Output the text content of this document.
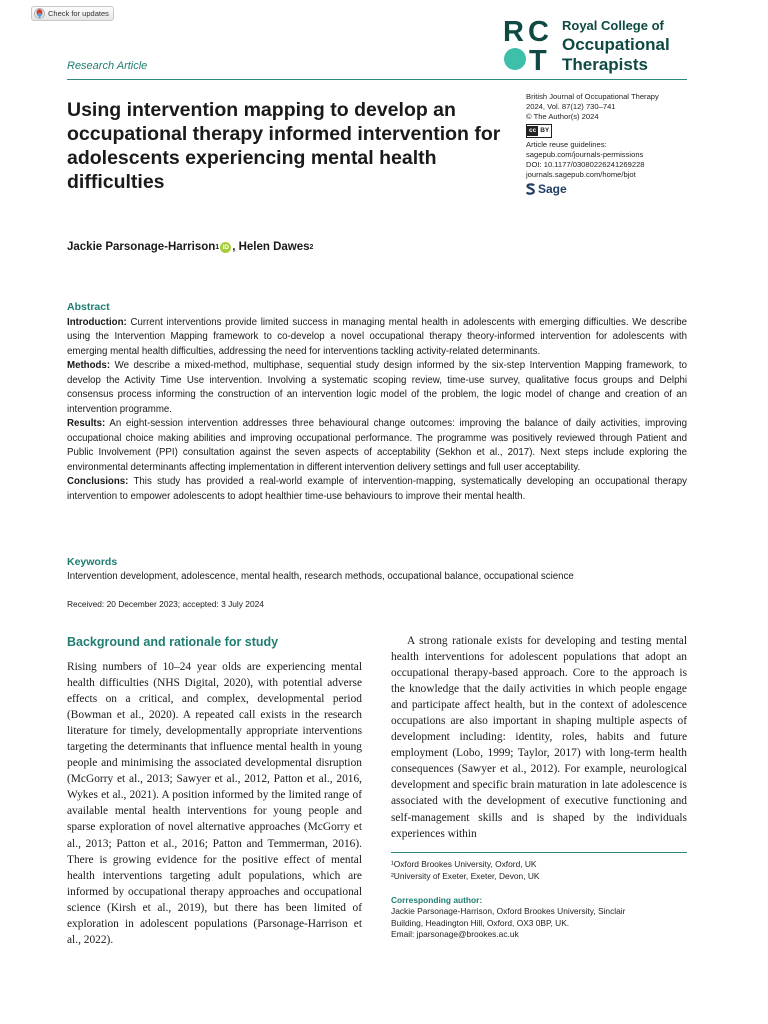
Check for updates
R C
T
Royal College of
Occupational
Therapists
Research Article
Using intervention mapping to develop an occupational therapy informed intervention for adolescents experiencing mental health difficulties
British Journal of Occupational Therapy
2024, Vol. 87(12) 730–741
© The Author(s) 2024
cc BY
Article reuse guidelines:
sagepub.com/journals-permissions
DOI: 10.1177/03080226241269228
journals.sagepub.com/home/bjot
Sage
Jackie Parsonage-Harrison 1 iD , Helen Dawes 2
Abstract

Introduction: Current interventions provide limited success in managing mental health in adolescents with emerging difficulties. We describe using the Intervention Mapping framework to co-develop a novel occupational therapy theory-informed intervention for adolescents with emerging mental health difficulties, addressing the need for interventions tackling activity-related determinants.

Methods: We describe a mixed-method, multiphase, sequential study design informed by the six-step Intervention Mapping framework, to develop the Activity Time Use intervention. Involving a systematic scoping review, time-use survey, qualitative focus groups and Delphi consensus process informing the construction of an intervention logic model of the problem, the logic model of change and creation of an intervention programme.

Results: An eight-session intervention addresses three behavioural change outcomes: improving the balance of daily activities, improving occupational choice making abilities and improving occupational performance. The programme was positively reviewed through Patient and Public Involvement (PPI) consultation against the seven aspects of acceptability (Sekhon et al., 2017). Next steps include exploring the environmental determinants affecting implementation in different intervention delivery settings and full user acceptability.

Conclusions: This study has provided a real-world example of intervention-mapping, systematically developing an occupational therapy intervention to empower adolescents to adopt healthier time-use behaviours to improve their mental health.

Keywords
Intervention development, adolescence, mental health, research methods, occupational balance, occupational science
Received: 20 December 2023; accepted: 3 July 2024
Background and rationale for study
Rising numbers of 10–24 year olds are experiencing mental health difficulties (NHS Digital, 2020), with potential adverse effects on a critical, and complex, developmental period (Bowman et al., 2020). A repeated call exists in the research literature for timely, developmentally appropriate interventions targeting the determinants that influence mental health in young people and minimising the associated developmental disruption (McGorry et al., 2013; Sawyer et al., 2012, Patton et al., 2016, Wykes et al., 2021). A position informed by the limited range of available mental health interventions for young people and sparse exploration of novel alternative approaches (McGorry et al., 2013; Patton et al., 2016; Patton and Temmerman, 2016). There is growing evidence for the positive effect of mental health interventions targeting adult populations, which are informed by occupational therapy approaches and occupational science (Kirsh et al., 2019), but there has been limited of exploration in adolescent populations (Parsonage-Harrison et al., 2022).
A strong rationale exists for developing and testing mental health interventions for adolescent populations that adopt an occupational therapy-based approach. Core to the approach is the knowledge that the daily activities in which people engage and participate affect health, but in the context of adolescence occupations are also important in shaping multiple aspects of development including: identity, roles, habits and future employment (Lobo, 1999; Taylor, 2017) with long-term health consequences (Sawyer et al., 2012). For example, neurological development and specific brain maturation in late adolescence is associated with the development of executive functioning and self-management skills and is shaped by the individuals experiences within
¹Oxford Brookes University, Oxford, UK
²University of Exeter, Exeter, Devon, UK
Corresponding author:
Jackie Parsonage-Harrison, Oxford Brookes University, Sinclair
Building, Headington Hill, Oxford, OX3 0BP, UK.
Email: jparsonage@brookes.ac.uk
